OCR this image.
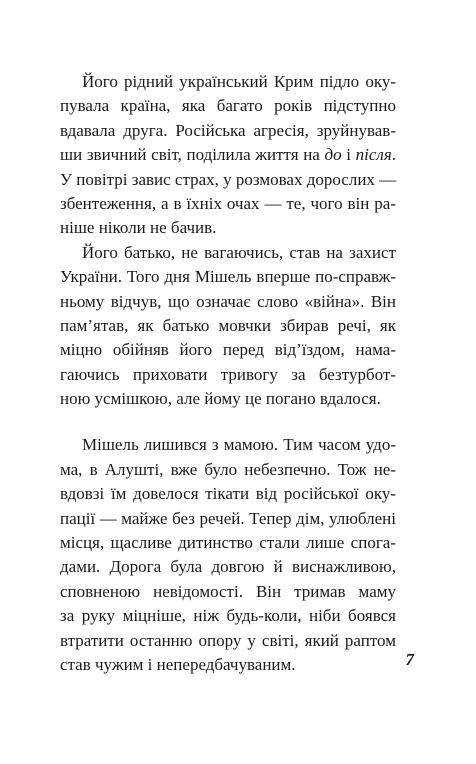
Його рідний український Крим підло оку-
пувала країна, яка багато років підступно
вдавала друга. Російська агресія, зруйнував-
ши звичний світ, поділила життя на до і після.
У повітрі завис страх, у розмовах дорослих —
збентеження, а в їхніх очах — те, чого він ра-
ніше ніколи не бачив.

Його батько, не вагаючись, став на захист
України. Того дня Мішель вперше по-справж-
ньому відчув, що означає слово «війна». Він
пам’ятав, як батько мовчки збирав речі, як
міцно обійняв його перед від’їздом, нама-
гаючись приховати тривогу за безтурбот-
ною усмішкою, але йому це погано вдалося.

Мішель лишився з мамою. Тим часом удо-
ма, в Алушті, вже було небезпечно. Тож не-
вдовзі їм довелося тікати від російської оку-
пації — майже без речей. Тепер дім, улюблені
місця, щасливе дитинство стали лише спога-
дами. Дорога була довгою й виснажливою,
сповненою невідомості. Він тримав маму
за руку міцніше, ніж будь-коли, ніби боявся
втратити останню опору у світі, який раптом
став чужим і непередбачуваним.	7
